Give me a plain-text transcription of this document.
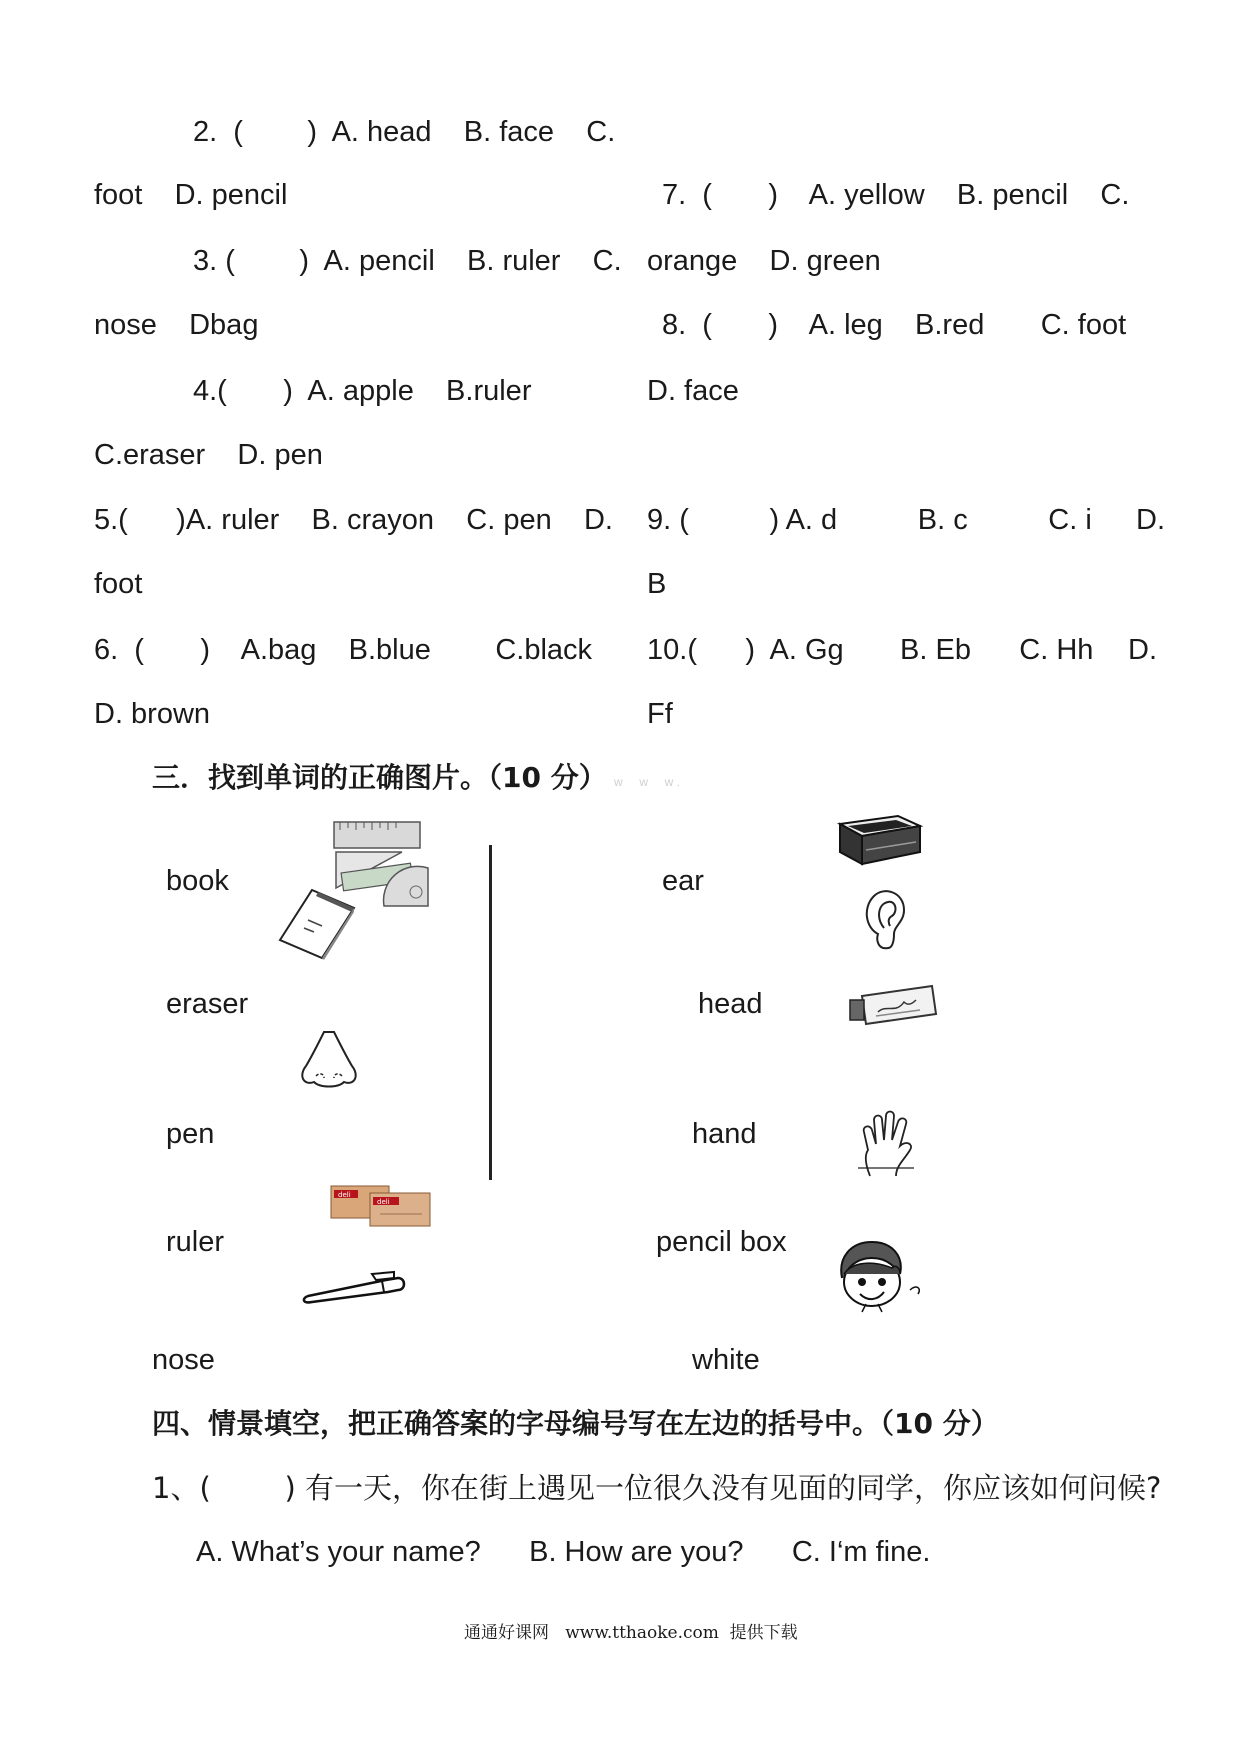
2.  (        )  A. head    B. face    C.
foot    D. pencil
3. (        )  A. pencil    B. ruler    C.
nose    Dbag
4.(       )  A. apple    B.ruler
C.eraser    D. pen
5.(      )A. ruler    B. crayon    C. pen    D.
foot
6.  (       )    A.bag    B.blue        C.black
D. brown
7.  (       )    A. yellow    B. pencil    C.
orange    D. green
8.  (       )    A. leg    B.red       C. foot
D. face
9. (          ) A. d          B. c          C. i D.
B
10.(      )  A. Gg       B. Eb      C. Hh D.
Ff
三．找到单词的正确图片。（10 分） w     w     w .
book
eraser
pen
ruler
nose
ear
head
hand
pencil box
white
deli
deli
四、情景填空，把正确答案的字母编号写在左边的括号中。（10 分）
1、(        ) 有一天，你在街上遇见一位很久没有见面的同学，你应该如何问候?
A. What’s your name?      B. How are you?      C. I‘m fine.
通通好课网   www.tthaoke.com  提供下载
